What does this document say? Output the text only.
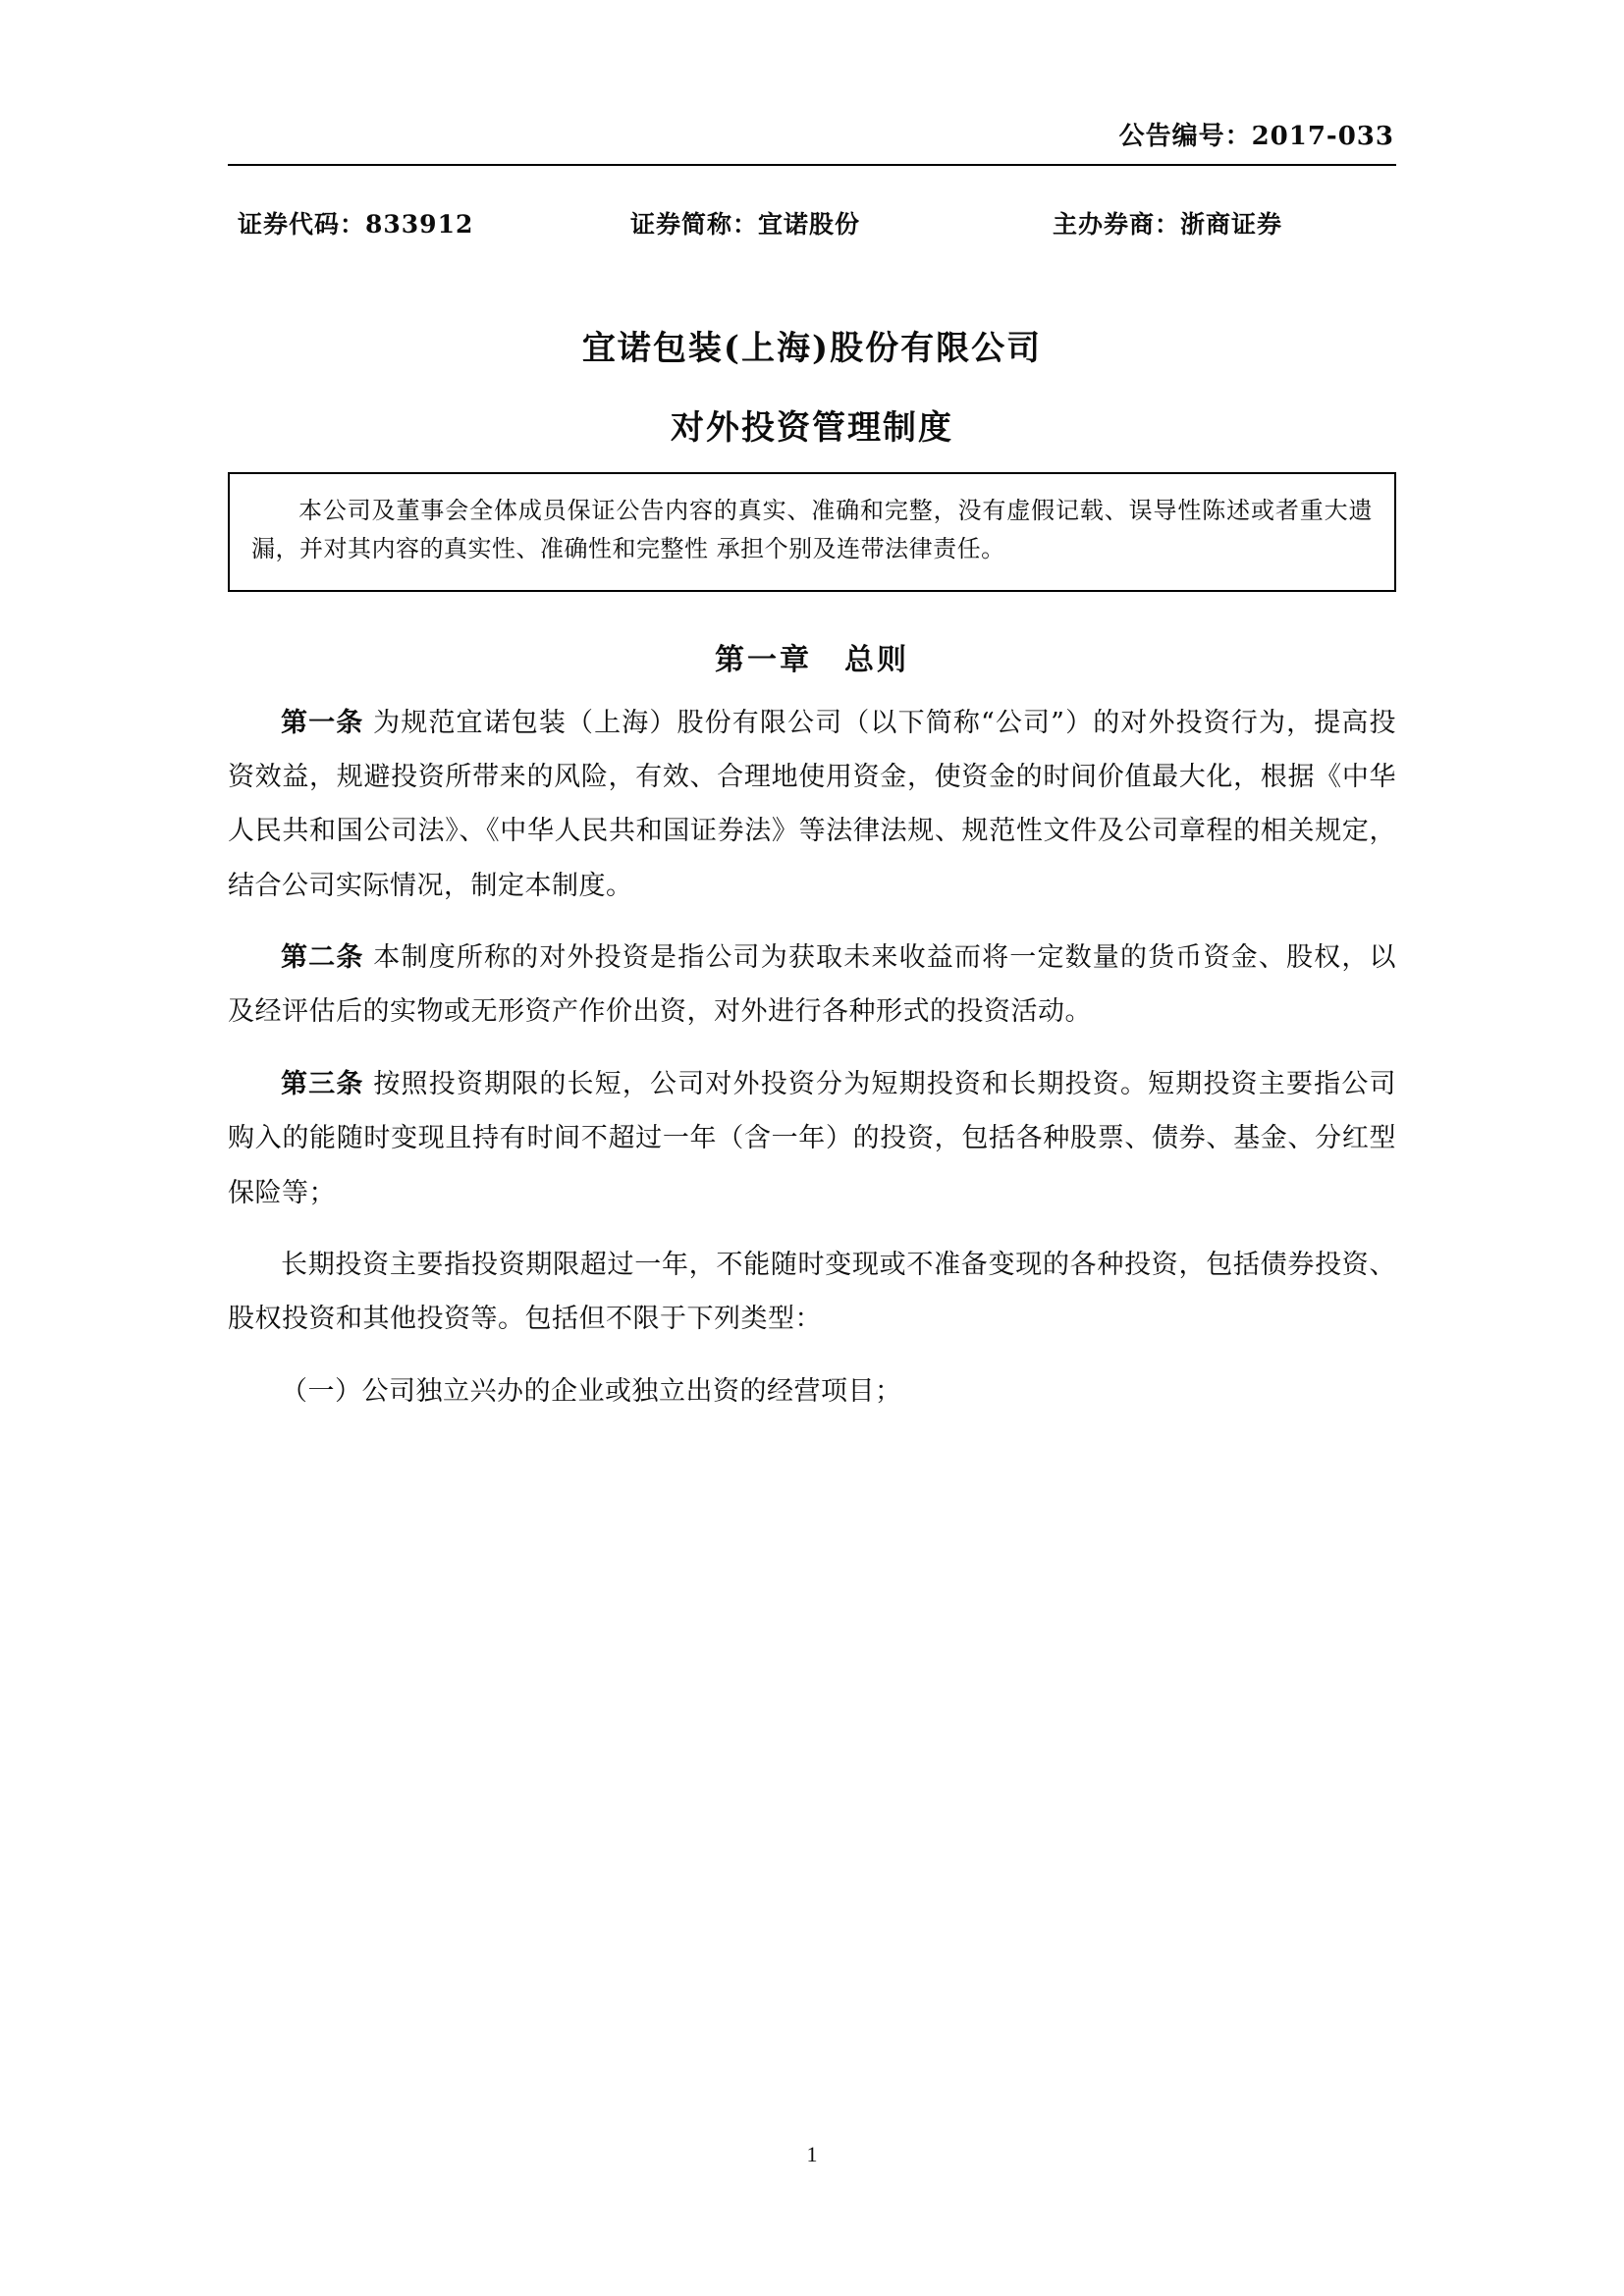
公告编号：2017-033
证券代码：833912	证券简称：宜诺股份	主办券商：浙商证券
宜诺包装(上海)股份有限公司
对外投资管理制度

本公司及董事会全体成员保证公告内容的真实、准确和完整，没有虚假记载、误导性陈述或者重大遗漏，并对其内容的真实性、准确性和完整性 承担个别及连带法律责任。

第一章　总则

第一条 为规范宜诺包装（上海）股份有限公司（以下简称“公司”）的对外投资行为，提高投资效益，规避投资所带来的风险，有效、合理地使用资金，使资金的时间价值最大化，根据《中华人民共和国公司法》、《中华人民共和国证券法》等法律法规、规范性文件及公司章程的相关规定，结合公司实际情况，制定本制度。

第二条 本制度所称的对外投资是指公司为获取未来收益而将一定数量的货币资金、股权，以及经评估后的实物或无形资产作价出资，对外进行各种形式的投资活动。

第三条 按照投资期限的长短，公司对外投资分为短期投资和长期投资。短期投资主要指公司购入的能随时变现且持有时间不超过一年（含一年）的投资，包括各种股票、债券、基金、分红型保险等；

长期投资主要指投资期限超过一年，不能随时变现或不准备变现的各种投资，包括债券投资、股权投资和其他投资等。包括但不限于下列类型：

（一）公司独立兴办的企业或独立出资的经营项目；

1
